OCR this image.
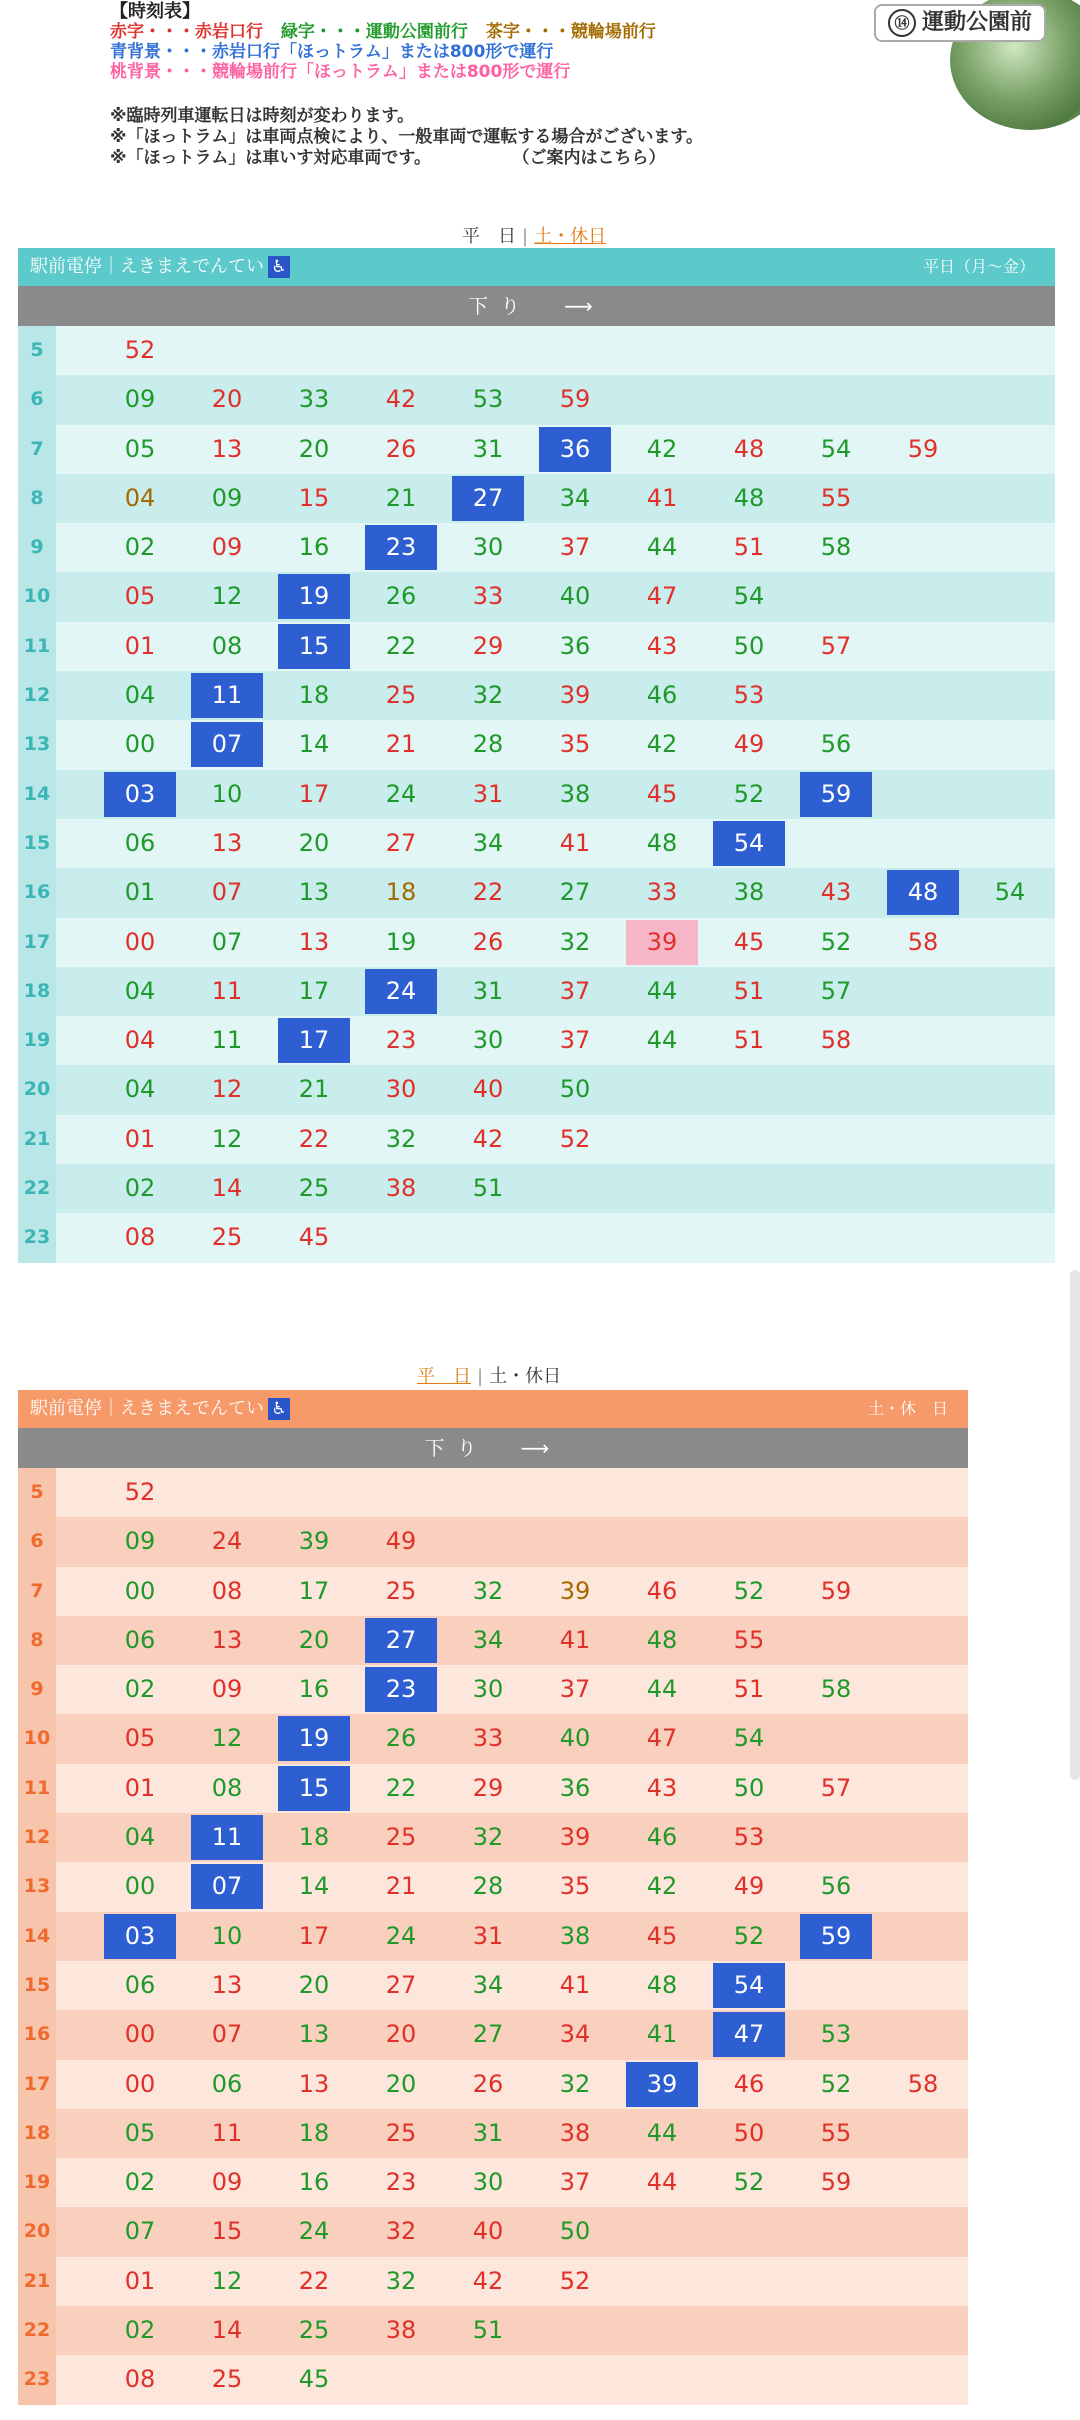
【時刻表】
赤字・・・赤岩口行 緑字・・・運動公園前行 茶字・・・競輪場前行
青背景・・・赤岩口行「ほっトラム」または800形で運行
桃背景・・・競輪場前行「ほっトラム」または800形で運行
※臨時列車運転日は時刻が変わります。
※「ほっトラム」は車両点検により、一般車両で運転する場合がございます。
※「ほっトラム」は車いす対応車両です。	（ご案内はこちら）
⑭ 運動公園前
平　日 | 土・休日
駅前電停｜えきまえでんてい ♿	平日（月〜金）
下り　⟶
5	52
6	09	20	33	42	53	59
7	05	13	20	26	31	36	42	48	54	59
8	04	09	15	21	27	34	41	48	55
9	02	09	16	23	30	37	44	51	58
10	05	12	19	26	33	40	47	54
11	01	08	15	22	29	36	43	50	57
12	04	11	18	25	32	39	46	53
13	00	07	14	21	28	35	42	49	56
14	03	10	17	24	31	38	45	52	59
15	06	13	20	27	34	41	48	54
16	01	07	13	18	22	27	33	38	43	48	54
17	00	07	13	19	26	32	39	45	52	58
18	04	11	17	24	31	37	44	51	57
19	04	11	17	23	30	37	44	51	58
20	04	12	21	30	40	50
21	01	12	22	32	42	52
22	02	14	25	38	51
23	08	25	45
平　日 | 土・休日
駅前電停｜えきまえでんてい ♿	土・休　日
下り　⟶
5	52
6	09	24	39	49
7	00	08	17	25	32	39	46	52	59
8	06	13	20	27	34	41	48	55
9	02	09	16	23	30	37	44	51	58
10	05	12	19	26	33	40	47	54
11	01	08	15	22	29	36	43	50	57
12	04	11	18	25	32	39	46	53
13	00	07	14	21	28	35	42	49	56
14	03	10	17	24	31	38	45	52	59
15	06	13	20	27	34	41	48	54
16	00	07	13	20	27	34	41	47	53
17	00	06	13	20	26	32	39	46	52	58
18	05	11	18	25	31	38	44	50	55
19	02	09	16	23	30	37	44	52	59
20	07	15	24	32	40	50
21	01	12	22	32	42	52
22	02	14	25	38	51
23	08	25	45
